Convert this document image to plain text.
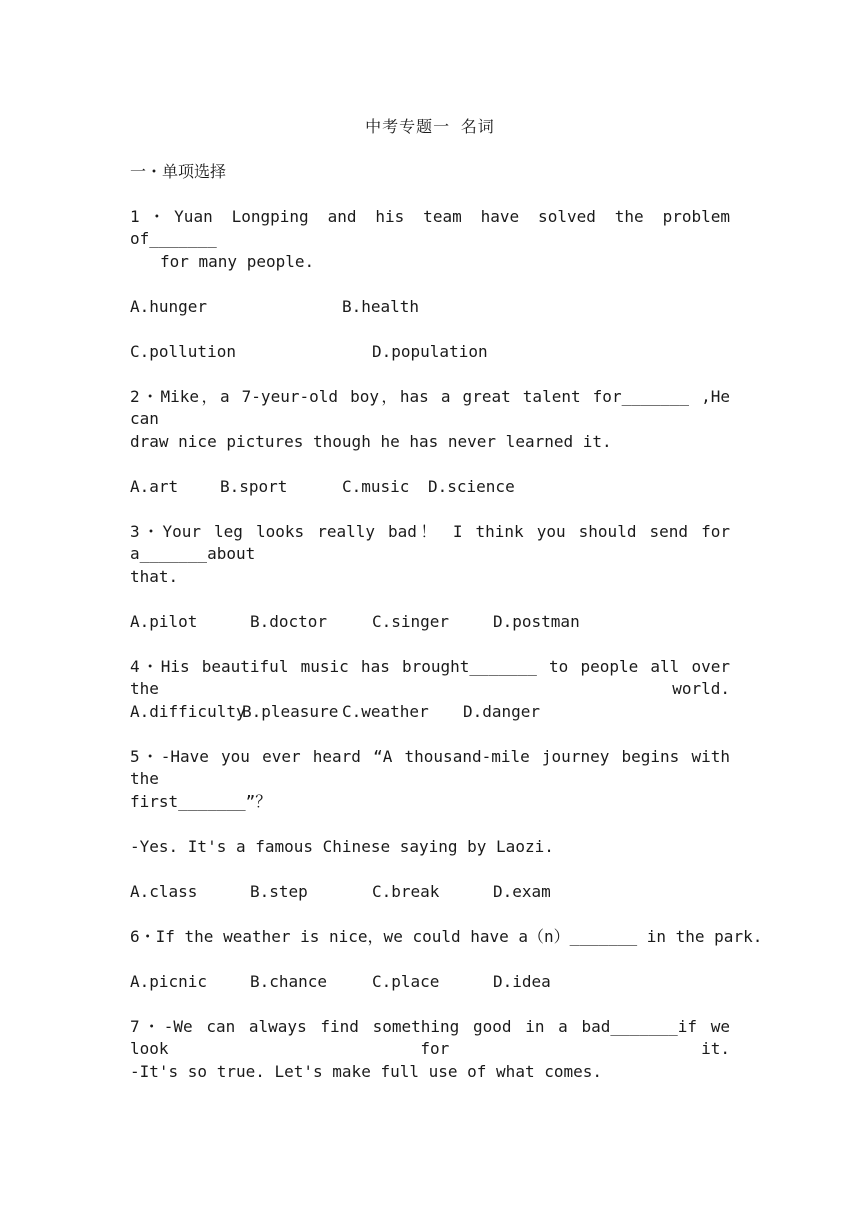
中考专题一 名词
一・单项选择
1・Yuan Longping and his team have solved the problem of_______
for many people.
A.hunger	B.health
C.pollution	D.population
2・Mike，a 7-yeur-old boy，has a great talent for_______ ,He can
draw nice pictures though he has never learned it.
A.art	B.sport	C.music D.science
3・Your leg looks really bad！ I think you should send for a_______about
that.
A.pilot	B.doctor	C.singer	D.postman
4・His beautiful music has brought_______ to people all over the world.
A.difficulty
B.pleasure C.weather D.danger
5・-Have you ever heard “A thousand-mile journey begins with the
first_______”？
-Yes. It's a famous Chinese saying by Laozi.
A.class	B.step	C.break	D.exam
6・If the weather is nice，we could have a（n）_______ in the park.
A.picnic	B.chance	C.place	D.idea
7・-We can always find something good in a bad_______if we look for it.
-It's so true. Let's make full use of what comes.
